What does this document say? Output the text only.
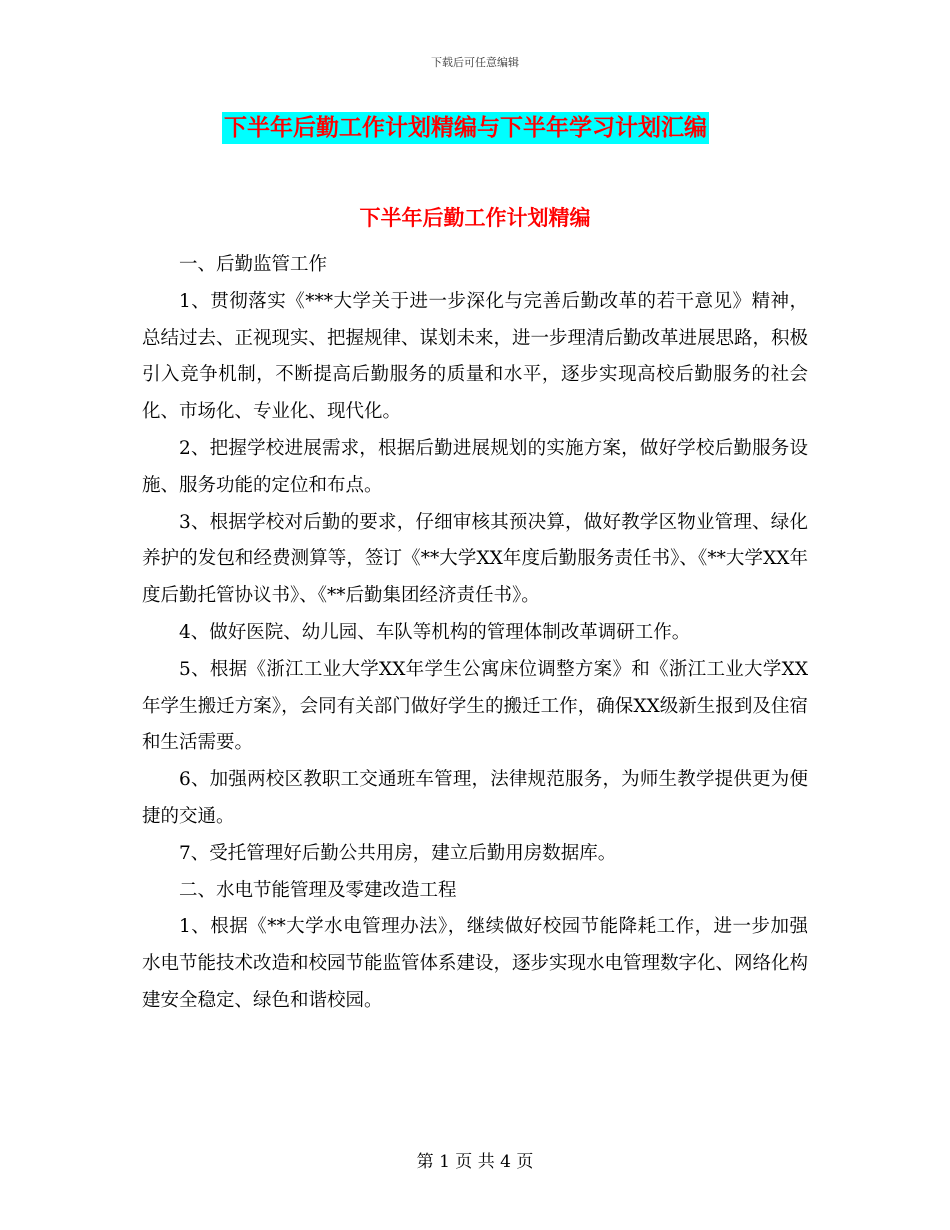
下载后可任意编辑
下半年后勤工作计划精编与下半年学习计划汇编
下半年后勤工作计划精编

一、后勤监管工作

1、贯彻落实《***大学关于进一步深化与完善后勤改革的若干意见》精神，总结过去、正视现实、把握规律、谋划未来，进一步理清后勤改革进展思路，积极引入竞争机制，不断提高后勤服务的质量和水平，逐步实现高校后勤服务的社会化、市场化、专业化、现代化。

2、把握学校进展需求，根据后勤进展规划的实施方案，做好学校后勤服务设施、服务功能的定位和布点。

3、根据学校对后勤的要求，仔细审核其预决算，做好教学区物业管理、绿化养护的发包和经费测算等，签订《**大学XX年度后勤服务责任书》、《**大学XX年度后勤托管协议书》、《**后勤集团经济责任书》。

4、做好医院、幼儿园、车队等机构的管理体制改革调研工作。

5、根据《浙江工业大学XX年学生公寓床位调整方案》和《浙江工业大学XX年学生搬迁方案》，会同有关部门做好学生的搬迁工作，确保XX级新生报到及住宿和生活需要。

6、加强两校区教职工交通班车管理，法律规范服务，为师生教学提供更为便捷的交通。

7、受托管理好后勤公共用房，建立后勤用房数据库。

二、水电节能管理及零建改造工程

1、根据《**大学水电管理办法》，继续做好校园节能降耗工作，进一步加强水电节能技术改造和校园节能监管体系建设，逐步实现水电管理数字化、网络化构建安全稳定、绿色和谐校园。

第 1 页 共 4 页
